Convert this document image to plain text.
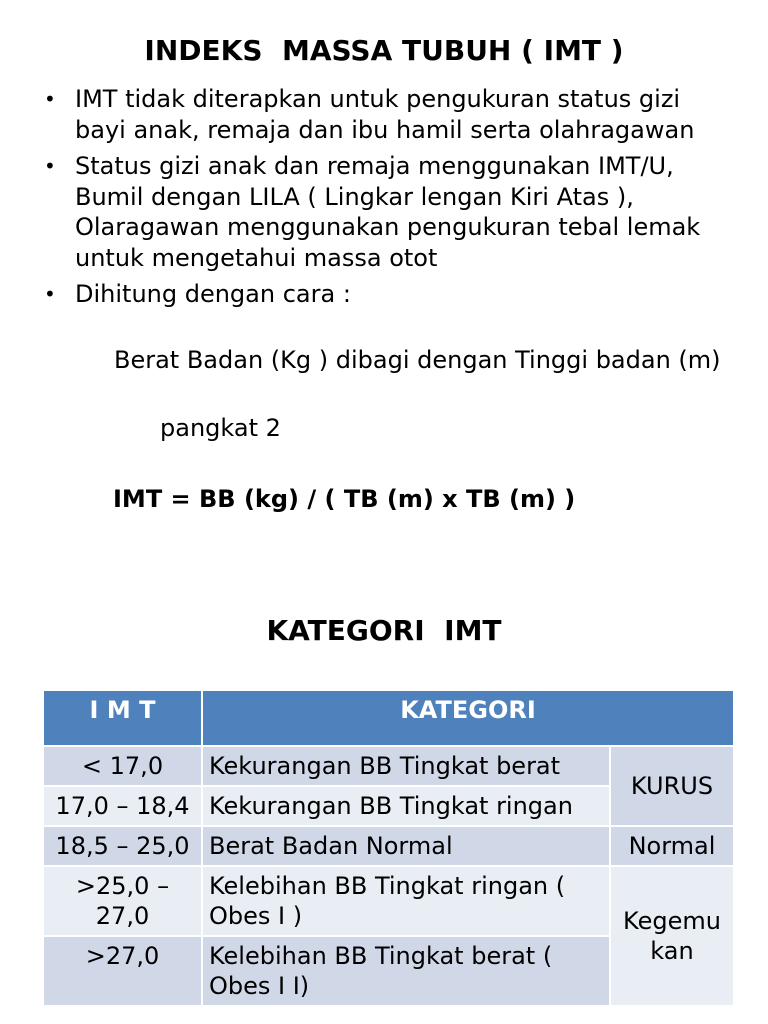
INDEKS  MASSA TUBUH ( IMT )
• IMT tidak diterapkan untuk pengukuran status gizi bayi anak, remaja dan ibu hamil serta olahragawan
• Status gizi anak dan remaja menggunakan IMT/U, Bumil dengan LILA ( Lingkar lengan Kiri Atas ), Olaragawan menggunakan pengukuran tebal lemak untuk mengetahui massa otot
• Dihitung dengan cara :
Berat Badan (Kg ) dibagi dengan Tinggi badan (m)
pangkat 2
IMT = BB (kg) / ( TB (m) x TB (m) )
KATEGORI  IMT
I M T	KATEGORI	
< 17,0	Kekurangan BB Tingkat berat	KURUS
17,0 – 18,4	Kekurangan BB Tingkat ringan	
18,5 – 25,0	Berat Badan Normal	Normal
>25,0 – 27,0	Kelebihan BB Tingkat ringan ( Obes I )	Kegemukan
>27,0	Kelebihan BB Tingkat berat ( Obes I I)	
